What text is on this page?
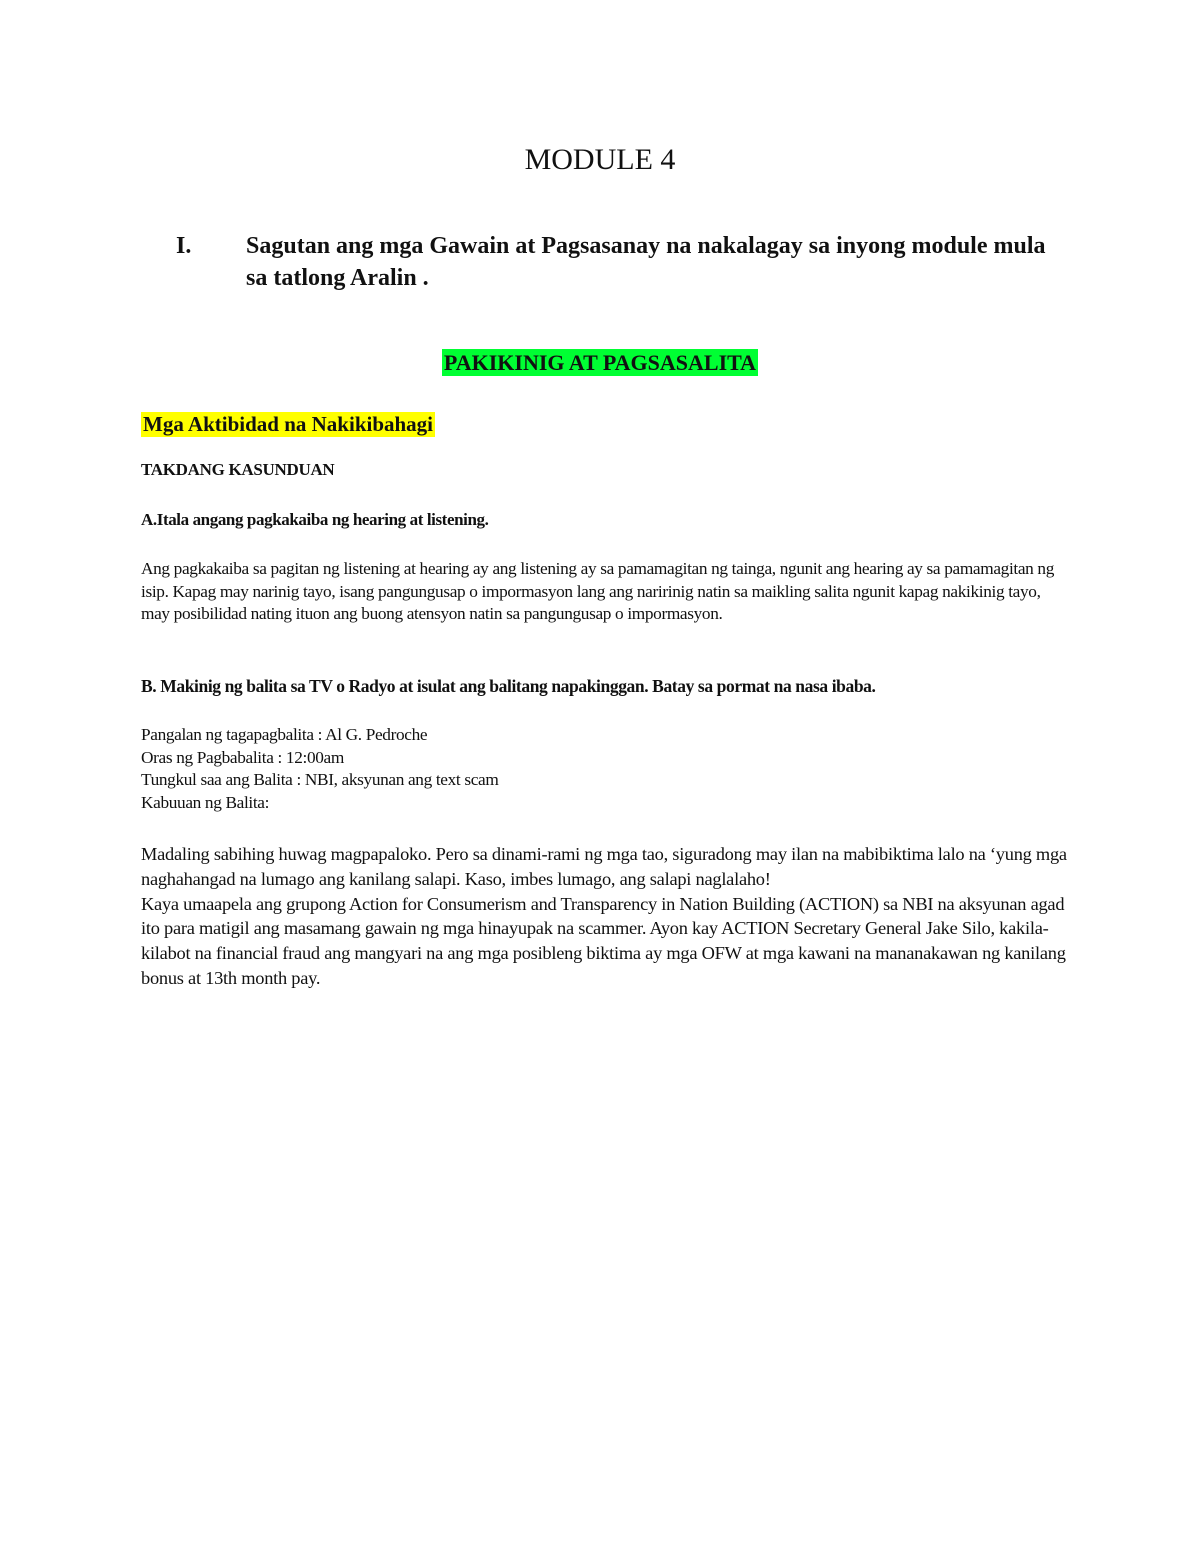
MODULE 4
I. Sagutan ang mga Gawain at Pagsasanay na nakalagay sa inyong module mula sa tatlong Aralin .
PAKIKINIG AT PAGSASALITA
Mga Aktibidad na Nakikibahagi
TAKDANG KASUNDUAN
A.Itala angang pagkakaiba ng hearing at listening.
Ang pagkakaiba sa pagitan ng listening at hearing ay ang listening ay sa pamamagitan ng tainga, ngunit ang hearing ay sa pamamagitan ng isip. Kapag may narinig tayo, isang pangungusap o impormasyon lang ang naririnig natin sa maikling salita ngunit kapag nakikinig tayo, may posibilidad nating ituon ang buong atensyon natin sa pangungusap o impormasyon.
B. Makinig ng balita sa TV o Radyo at isulat ang balitang napakinggan. Batay sa pormat na nasa ibaba.
Pangalan ng tagapagbalita : Al G. Pedroche
Oras ng Pagbabalita : 12:00am
Tungkul saa ang Balita : NBI, aksyunan ang text scam
Kabuuan ng Balita:

Madaling sabihing huwag magpapaloko. Pero sa dinami-rami ng mga tao, siguradong may ilan na mabibiktima lalo na ‘yung mga naghahangad na lumago ang kanilang salapi. Kaso, imbes lumago, ang salapi naglalaho!

Kaya umaapela ang grupong Action for Consumerism and Transparency in Nation Building (ACTION) sa NBI na aksyunan agad ito para matigil ang masamang gawain ng mga hinayupak na scammer. Ayon kay ACTION Secretary General Jake Silo, kakila-kilabot na financial fraud ang mangyari na ang mga posibleng biktima ay mga OFW at mga kawani na mananakawan ng kanilang bonus at 13th month pay.
